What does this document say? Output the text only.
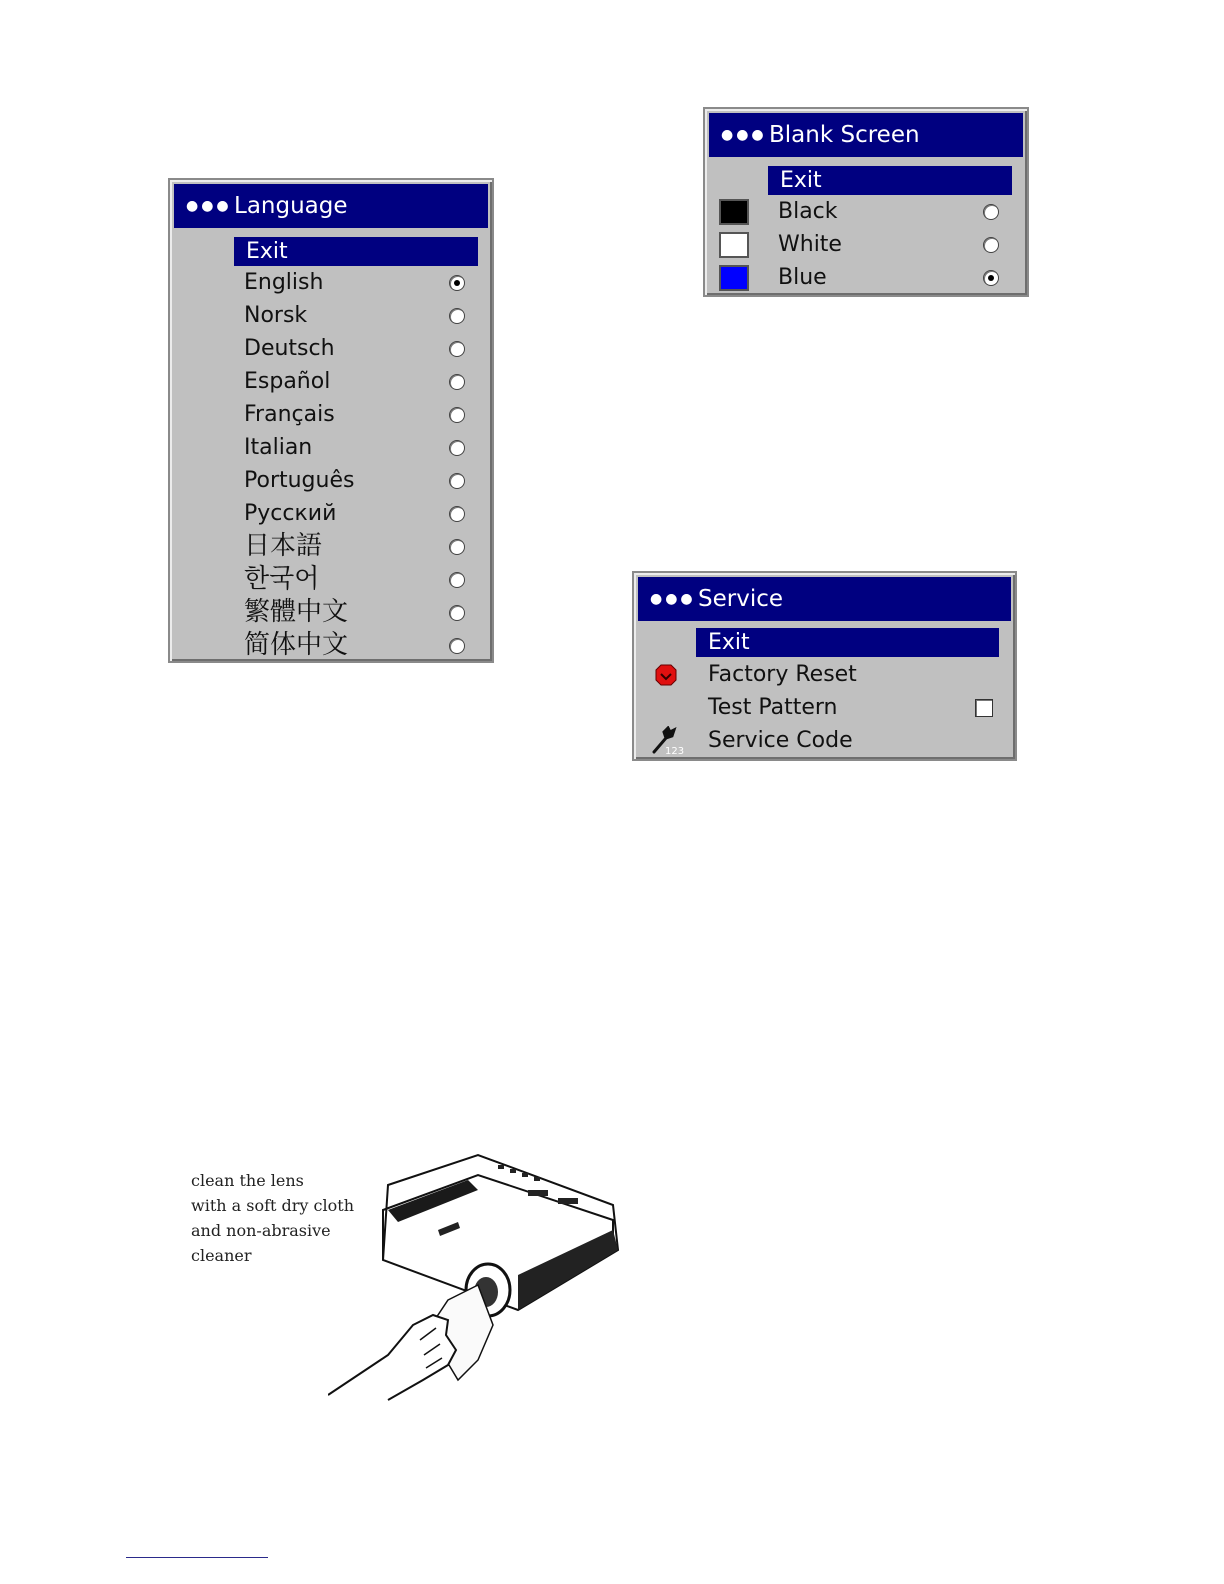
●●● Language
Exit
English
Norsk
Deutsch
Español
Français
Italian
Português
Русский
日本語
한국어
繁體中文
简体中文
●●● Blank Screen
Exit
Black
White
Blue
●●● Service
Exit
Factory Reset
Test Pattern
123 Service Code
clean the lens
with a soft dry cloth
and non-abrasive
cleaner
